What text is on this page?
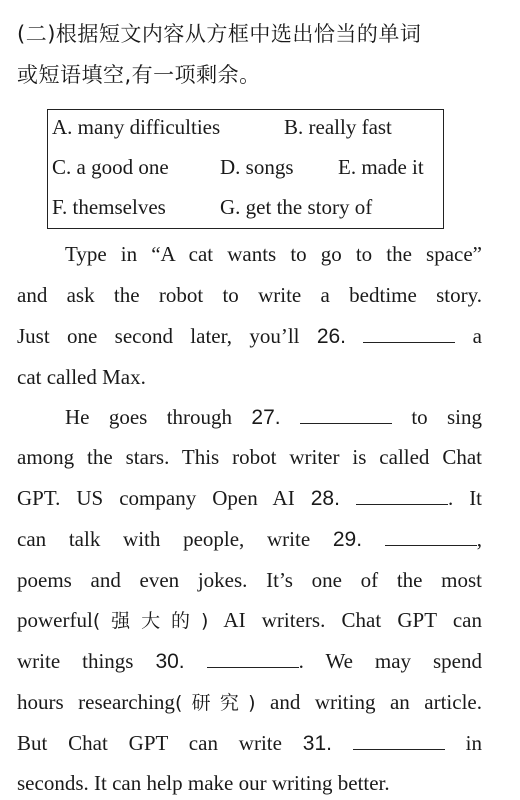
(二)根据短文内容从方框中选出恰当的单词
或短语填空,有一项剩余。
A. many difficulties	B. really fast
C. a good one D. songs E. made it
F. themselves	G. get the story of
Type in “A cat wants to go to the space”
and ask the robot to write a bedtime story.
Just one second later, you’ll 26.	a
cat called Max.
He goes through 27.	to sing
among the stars. This robot writer is called Chat
GPT. US company Open AI 28.	. It
can talk with people, write 29.	,
poems and even jokes. It’s one of the most
powerful(强大的) AI writers. Chat GPT can
write things 30.	. We may spend
hours researching(研究) and writing an article.
But Chat GPT can write 31.	in
seconds. It can help make our writing better.
